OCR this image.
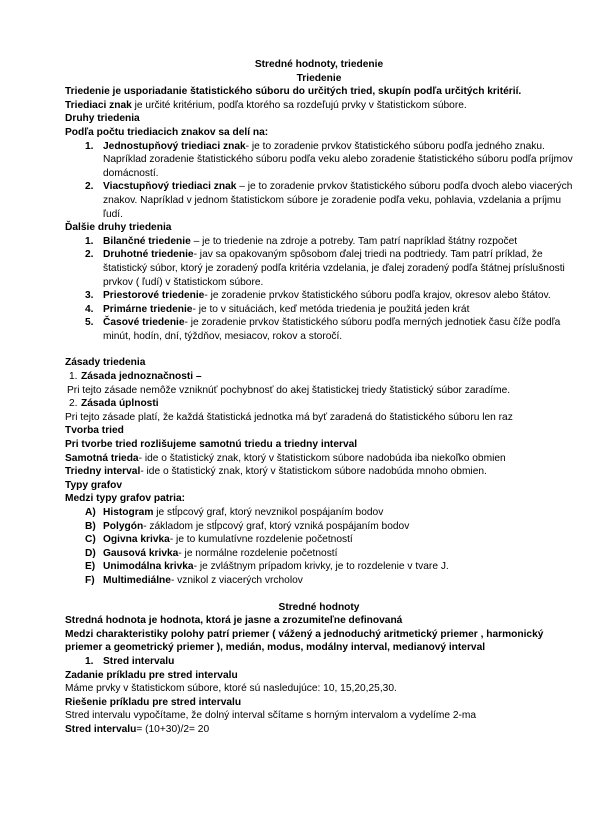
Stredné hodnoty, triedenie

Triedenie

Triedenie je usporiadanie štatistického súboru do určitých tried, skupín podľa určitých kritérií.

Triediaci znak je určité kritérium, podľa ktorého sa rozdeľujú prvky v štatistickom súbore.

Druhy triedenia

Podľa počtu triediacich znakov sa delí na:

1. Jednostupňový triediaci znak- je to zoradenie prvkov štatistického súboru podľa jedného znaku. Napríklad zoradenie štatistického súboru podľa veku alebo zoradenie štatistického súboru podľa príjmov domácností.
2. Viacstupňový triediaci znak – je to zoradenie prvkov štatistického súboru podľa dvoch alebo viacerých znakov. Napríklad v jednom štatistickom súbore je zoradenie podľa veku, pohlavia, vzdelania a príjmu ľudí.

Ďalšie druhy triedenia

1. Bilančné triedenie – je to triedenie na zdroje a potreby. Tam patrí napríklad štátny rozpočet
2. Druhotné triedenie- jav sa opakovaným spôsobom ďalej triedi na podtriedy. Tam patrí príklad, že štatistický súbor, ktorý je zoradený podľa kritéria vzdelania, je ďalej zoradený podľa štátnej príslušnosti prvkov ( ľudí) v štatistickom súbore.
3. Priestorové triedenie- je zoradenie prvkov štatistického súboru podľa krajov, okresov alebo štátov.
4. Primárne triedenie- je to v situáciách, keď metóda triedenia je použitá jeden krát
5. Časové triedenie- je zoradenie prvkov štatistického súboru podľa merných jednotiek času číže podľa minút, hodín, dní, týždňov, mesiacov, rokov a storočí.

Zásady triedenia

1. Zásada jednoznačnosti –

Pri tejto zásade nemôže vzniknúť pochybnosť do akej štatistickej triedy štatistický súbor zaradíme.

2. Zásada úplnosti

Pri tejto zásade platí, že každá štatistická jednotka má byť zaradená do štatistického súboru len raz

Tvorba tried

Pri tvorbe tried rozlišujeme samotnú triedu a triedny interval

Samotná trieda- ide o štatistický znak, ktorý v štatistickom súbore nadobúda iba niekoľko obmien

Triedny interval- ide o štatistický znak, ktorý v štatistickom súbore nadobúda mnoho obmien.

Typy grafov

Medzi typy grafov patria:

A) Histogram je stĺpcový graf, ktorý nevznikol pospájaním bodov
B) Polygón- základom je stĺpcový graf, ktorý vzniká pospájaním bodov
C) Ogivna krivka- je to kumulatívne rozdelenie početností
D) Gausová krivka- je normálne rozdelenie početností
E) Unimodálna krivka- je zvláštnym prípadom krivky, je to rozdelenie v tvare J.
F) Multimediálne- vznikol z viacerých vrcholov

Stredné hodnoty

Stredná hodnota je hodnota, ktorá je jasne a zrozumiteľne definovaná

Medzi charakteristiky polohy patrí priemer ( vážený a jednoduchý aritmetický priemer , harmonický priemer a geometrický priemer ), medián, modus, modálny interval, medianový interval

1. Stred intervalu

Zadanie príkladu pre stred intervalu

Máme prvky v štatistickom súbore, ktoré sú nasledujúce: 10, 15,20,25,30.

Riešenie príkladu pre stred intervalu

Stred intervalu vypočítame, že dolný interval sčítame s horným intervalom a vydelíme 2-ma

Stred intervalu= (10+30)/2= 20
